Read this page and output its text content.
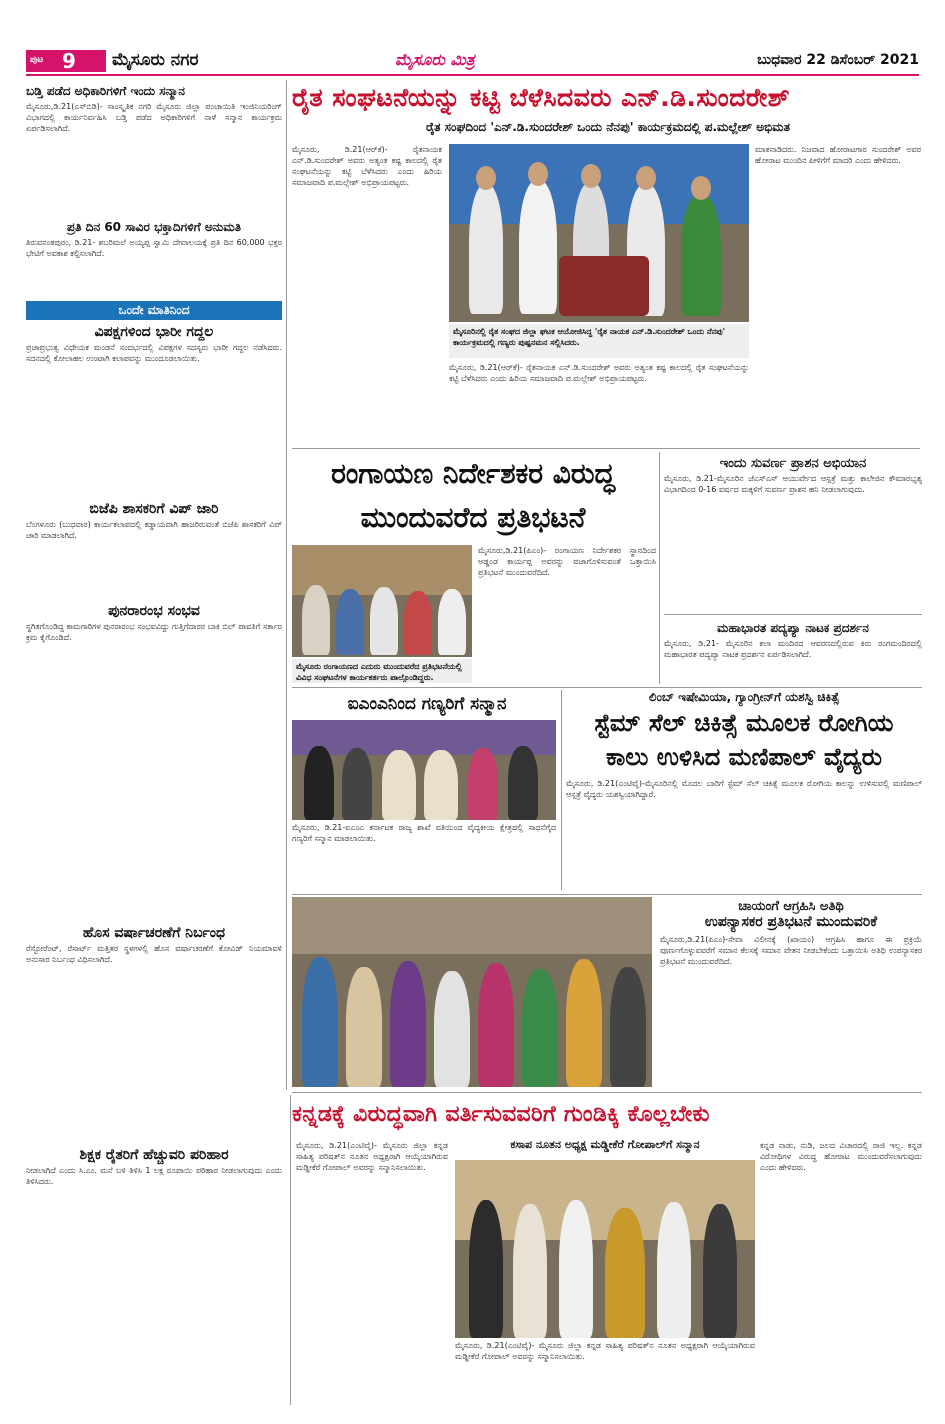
ಪುಟ 9 ಮೈಸೂರು ನಗರ	ಮೈಸೂರು ಮಿತ್ರ	ಬುಧವಾರ 22 ಡಿಸೆಂಬರ್ 2021
ಬಡ್ತಿ ಪಡೆದ ಅಧಿಕಾರಿಗಳಿಗೆ ಇಂದು ಸನ್ಮಾನ
ಮೈಸೂರು,ಡಿ.21(ಎಸ್‌ಬಿಡಿ)- ಸಾಂಸ್ಕೃತಿಕ ನಗರಿ ಮೈಸೂರು ಜಿಲ್ಲಾ ಪಂಚಾಯಿತಿ ಇಂಜಿನಿಯರಿಂಗ್ ವಿಭಾಗದಲ್ಲಿ ಕಾರ್ಯನಿರ್ವಹಿಸಿ ಬಡ್ತಿ ಪಡೆದ ಅಧಿಕಾರಿಗಳಿಗೆ ನಾಳೆ ಸನ್ಮಾನ ಕಾರ್ಯಕ್ರಮ ಏರ್ಪಡಿಸಲಾಗಿದೆ.
ಪ್ರತಿ ದಿನ 60 ಸಾವಿರ ಭಕ್ತಾದಿಗಳಿಗೆ ಅನುಮತಿ
ತಿರುವನಂತಪುರಂ, ಡಿ.21- ಶಬರಿಮಲೆ ಅಯ್ಯಪ್ಪ ಸ್ವಾಮಿ ದೇವಾಲಯಕ್ಕೆ ಪ್ರತಿ ದಿನ 60,000 ಭಕ್ತರ ಭೇಟಿಗೆ ಅವಕಾಶ ಕಲ್ಪಿಸಲಾಗಿದೆ.
ಒಂದೇ ಮಾತಿನಿಂದ
ವಿಪಕ್ಷಗಳಿಂದ ಭಾರೀ ಗದ್ದಲ
ಪ್ರಜಾಪ್ರಭುತ್ವ ವಿಧೇಯಕ ಮಂಡನೆ ಸಂದರ್ಭದಲ್ಲಿ ವಿಪಕ್ಷಗಳ ಸದಸ್ಯರು ಭಾರೀ ಗದ್ದಲ ನಡೆಸಿದರು. ಸದನದಲ್ಲಿ ಕೋಲಾಹಲ ಉಂಟಾಗಿ ಕಲಾಪವನ್ನು ಮುಂದೂಡಲಾಯಿತು.
ಬಿಜೆಪಿ ಶಾಸಕರಿಗೆ ವಿಪ್ ಜಾರಿ
ಬೆಂಗಳೂರು (ಬುಧವಾರ) ಕಾರ್ಯಕಲಾಪದಲ್ಲಿ ಕಡ್ಡಾಯವಾಗಿ ಹಾಜರಿರುವಂತೆ ಬಿಜೆಪಿ ಶಾಸಕರಿಗೆ ವಿಪ್ ಜಾರಿ ಮಾಡಲಾಗಿದೆ.
ಪುನರಾರಂಭ ಸಂಭವ
ಸ್ಥಗಿತಗೊಂಡಿದ್ದ ಕಾಮಗಾರಿಗಳ ಪುನರಾರಂಭ ಸಂಭವವಿದ್ದು ಗುತ್ತಿಗೆದಾರರ ಬಾಕಿ ಬಿಲ್ ಪಾವತಿಗೆ ಸರ್ಕಾರ ಕ್ರಮ ಕೈಗೊಂಡಿದೆ.
ಹೊಸ ವರ್ಷಾಚರಣೆಗೆ ನಿರ್ಬಂಧ
ರೆಸ್ಟೋರೆಂಟ್, ರೆಸಾರ್ಟ್ ಮತ್ತಿತರ ಸ್ಥಳಗಳಲ್ಲಿ ಹೊಸ ವರ್ಷಾಚರಣೆಗೆ ಕೋವಿಡ್ ನಿಯಮಾವಳಿ ಅನುಸಾರ ನಿರ್ಬಂಧ ವಿಧಿಸಲಾಗಿದೆ.
ಶಿಕ್ಷಕ ರೈತರಿಗೆ ಹೆಚ್ಚುವರಿ ಪರಿಹಾರ
ನೀಡಲಾಗಿದೆ ಎಂದು ಸಿ.ಎಂ. ಮನೆ ಬಳಿ ತಿಳಿಸಿ 1 ಲಕ್ಷ ರೂಪಾಯಿ ಪರಿಹಾರ ನೀಡಲಾಗುವುದು ಎಂದು ತಿಳಿಸಿದರು.
ರೈತ ಸಂಘಟನೆಯನ್ನು ಕಟ್ಟಿ ಬೆಳೆಸಿದವರು ಎನ್.ಡಿ.ಸುಂದರೇಶ್
ರೈತ ಸಂಘದಿಂದ 'ಎನ್.ಡಿ.ಸುಂದರೇಶ್ ಒಂದು ನೆನಪು' ಕಾರ್ಯಕ್ರಮದಲ್ಲಿ ಪ.ಮಲ್ಲೇಶ್ ಅಭಿಮತ
ಮೈಸೂರು, ಡಿ.21(ಆರ್‌ಕೆ)- ರೈತನಾಯಕ ಎನ್.ಡಿ.ಸುಂದರೇಶ್ ಅವರು ಅತ್ಯಂತ ಕಷ್ಟ ಕಾಲದಲ್ಲಿ ರೈತ ಸಂಘಟನೆಯನ್ನು ಕಟ್ಟಿ ಬೆಳೆಸಿದರು ಎಂದು ಹಿರಿಯ ಸಮಾಜವಾದಿ ಪ.ಮಲ್ಲೇಶ್ ಅಭಿಪ್ರಾಯಪಟ್ಟರು.
ಮೈಸೂರಿನಲ್ಲಿ ರೈತ ಸಂಘದ ಜಿಲ್ಲಾ ಘಟಕ ಆಯೋಜಿಸಿದ್ದ 'ರೈತ ನಾಯಕ ಎನ್.ಡಿ.ಸುಂದರೇಶ್ ಒಂದು ನೆನಪು' ಕಾರ್ಯಕ್ರಮದಲ್ಲಿ ಗಣ್ಯರು ಪುಷ್ಪನಮನ ಸಲ್ಲಿಸಿದರು.
ಮೈಸೂರು, ಡಿ.21(ಆರ್‌ಕೆ)- ರೈತನಾಯಕ ಎನ್.ಡಿ.ಸುಂದರೇಶ್ ಅವರು ಅತ್ಯಂತ ಕಷ್ಟ ಕಾಲದಲ್ಲಿ ರೈತ ಸಂಘಟನೆಯನ್ನು ಕಟ್ಟಿ ಬೆಳೆಸಿದರು ಎಂದು ಹಿರಿಯ ಸಮಾಜವಾದಿ ಪ.ಮಲ್ಲೇಶ್ ಅಭಿಪ್ರಾಯಪಟ್ಟರು.
ಮಾತನಾಡಿದರು. ನಿಜವಾದ ಹೋರಾಟಗಾರ ಸುಂದರೇಶ್ ಅವರ ಹೋರಾಟ ಮುಂದಿನ ಪೀಳಿಗೆಗೆ ಮಾದರಿ ಎಂದು ಹೇಳಿದರು.
ರಂಗಾಯಣ ನಿರ್ದೇಶಕರ ವಿರುದ್ಧ
ಮುಂದುವರೆದ ಪ್ರತಿಭಟನೆ
ಮೈಸೂರು ರಂಗಾಯಣದ ಎದುರು ಮುಂದುವರೆದ ಪ್ರತಿಭಟನೆಯಲ್ಲಿ ವಿವಿಧ ಸಂಘಟನೆಗಳ ಕಾರ್ಯಕರ್ತರು ಪಾಲ್ಗೊಂಡಿದ್ದರು.
ಮೈಸೂರು,ಡಿ.21(ಪಿಎಂ)- ರಂಗಾಯಣ ನಿರ್ದೇಶಕರ ಸ್ಥಾನದಿಂದ ಅಡ್ಡಂಡ ಕಾರ್ಯಪ್ಪ ಅವರನ್ನು ವಜಾಗೊಳಿಸುವಂತೆ ಒತ್ತಾಯಿಸಿ ಪ್ರತಿಭಟನೆ ಮುಂದುವರೆದಿದೆ.
ಇಂದು ಸುವರ್ಣ ಪ್ರಾಶನ ಅಭಿಯಾನ
ಮೈಸೂರು, ಡಿ.21-ಮೈಸೂರಿನ ಜೆಎಸ್‌ಎಸ್ ಆಯುರ್ವೇದ ಆಸ್ಪತ್ರೆ ಮತ್ತು ಕಾಲೇಜಿನ ಕೌಮಾರಭೃತ್ಯ ವಿಭಾಗದಿಂದ 0-16 ವರ್ಷದ ಮಕ್ಕಳಿಗೆ ಸುವರ್ಣ ಪ್ರಾಶನ ಹನಿ ನೀಡಲಾಗುವುದು.
ಮಹಾಭಾರತ ಪದ್ಯಪ್ಯಾ ನಾಟಕ ಪ್ರದರ್ಶನ
ಮೈಸೂರು, ಡಿ.21- ಮೈಸೂರಿನ ಕಲಾ ಮಂದಿರದ ಆವರಣದಲ್ಲಿರುವ ಕಿರು ರಂಗಮಂದಿರದಲ್ಲಿ ಮಹಾಭಾರತ ಪದ್ಯಪ್ಯಾ ನಾಟಕ ಪ್ರದರ್ಶನ ಏರ್ಪಡಿಸಲಾಗಿದೆ.
ಐಎಂಎನಿಂದ ಗಣ್ಯರಿಗೆ ಸನ್ಮಾನ
ಮೈಸೂರು, ಡಿ.21-ಐಎಂಎ ಕರ್ನಾಟಕ ರಾಜ್ಯ ಶಾಖೆ ವತಿಯಿಂದ ವೈದ್ಯಕೀಯ ಕ್ಷೇತ್ರದಲ್ಲಿ ಸಾಧನೆಗೈದ ಗಣ್ಯರಿಗೆ ಸನ್ಮಾನ ಮಾಡಲಾಯಿತು.
ಲಿಂಬ್ ಇಷೇಮಿಯಾ, ಗ್ಯಾಂಗ್ರೀನ್‌ಗೆ ಯಶಸ್ವಿ ಚಿಕಿತ್ಸೆ
ಸ್ಟೆಮ್ ಸೆಲ್ ಚಿಕಿತ್ಸೆ ಮೂಲಕ ರೋಗಿಯ
ಕಾಲು ಉಳಿಸಿದ ಮಣಿಪಾಲ್ ವೈದ್ಯರು
ಮೈಸೂರು, ಡಿ.21(ಎಂಟಿವೈ)-ಮೈಸೂರಿನಲ್ಲಿ ಮೊದಲ ಬಾರಿಗೆ ಸ್ಟೆಮ್ ಸೆಲ್ ಚಿಕಿತ್ಸೆ ಮೂಲಕ ರೋಗಿಯ ಕಾಲನ್ನು ಉಳಿಸುವಲ್ಲಿ ಮಣಿಪಾಲ್ ಆಸ್ಪತ್ರೆ ವೈದ್ಯರು ಯಶಸ್ವಿಯಾಗಿದ್ದಾರೆ.
ಚಾಯಂಗೆ ಆಗ್ರಹಿಸಿ ಅತಿಥಿ
ಉಪನ್ಯಾಸಕರ ಪ್ರತಿಭಟನೆ ಮುಂದುವರಿಕೆ
ಮೈಸೂರು,ಡಿ.21(ಪಿಎಂ)-ಸೇವಾ ವಿಲೀನಕ್ಕೆ (ಖಾಯಂ) ಆಗ್ರಹಿಸಿ ಹಾಗೂ ಈ ಪ್ರಕ್ರಿಯೆ ಪೂರ್ಣಗೊಳ್ಳುವವರೆಗೆ ಸಮಾನ ಕೆಲಸಕ್ಕೆ ಸಮಾನ ವೇತನ ನೀಡಬೇಕೆಂದು ಒತ್ತಾಯಿಸಿ ಅತಿಥಿ ಉಪನ್ಯಾಸಕರ ಪ್ರತಿಭಟನೆ ಮುಂದುವರೆದಿದೆ.
ಕನ್ನಡಕ್ಕೆ ವಿರುದ್ಧವಾಗಿ ವರ್ತಿಸುವವರಿಗೆ ಗುಂಡಿಕ್ಕಿ ಕೊಲ್ಲಬೇಕು
ಕಸಾಪ ನೂತನ ಅಧ್ಯಕ್ಷ ಮಡ್ಡೀಕೆರೆ ಗೋಪಾಲ್‌ಗೆ ಸನ್ಮಾನ
ಮೈಸೂರು, ಡಿ.21(ಎಂಟಿವೈ)- ಮೈಸೂರು ಜಿಲ್ಲಾ ಕನ್ನಡ ಸಾಹಿತ್ಯ ಪರಿಷತ್‌ನ ನೂತನ ಅಧ್ಯಕ್ಷರಾಗಿ ಆಯ್ಕೆಯಾಗಿರುವ ಮಡ್ಡೀಕೆರೆ ಗೋಪಾಲ್ ಅವರನ್ನು ಸನ್ಮಾನಿಸಲಾಯಿತು.
ಮೈಸೂರು, ಡಿ.21(ಎಂಟಿವೈ)- ಮೈಸೂರು ಜಿಲ್ಲಾ ಕನ್ನಡ ಸಾಹಿತ್ಯ ಪರಿಷತ್‌ನ ನೂತನ ಅಧ್ಯಕ್ಷರಾಗಿ ಆಯ್ಕೆಯಾಗಿರುವ ಮಡ್ಡೀಕೆರೆ ಗೋಪಾಲ್ ಅವರನ್ನು ಸನ್ಮಾನಿಸಲಾಯಿತು.
ಕನ್ನಡ ನಾಡು, ನುಡಿ, ಜಲದ ವಿಚಾರದಲ್ಲಿ ರಾಜಿ ಇಲ್ಲ. ಕನ್ನಡ ವಿರೋಧಿಗಳ ವಿರುದ್ಧ ಹೋರಾಟ ಮುಂದುವರೆಸಲಾಗುವುದು ಎಂದು ಹೇಳಿದರು.
